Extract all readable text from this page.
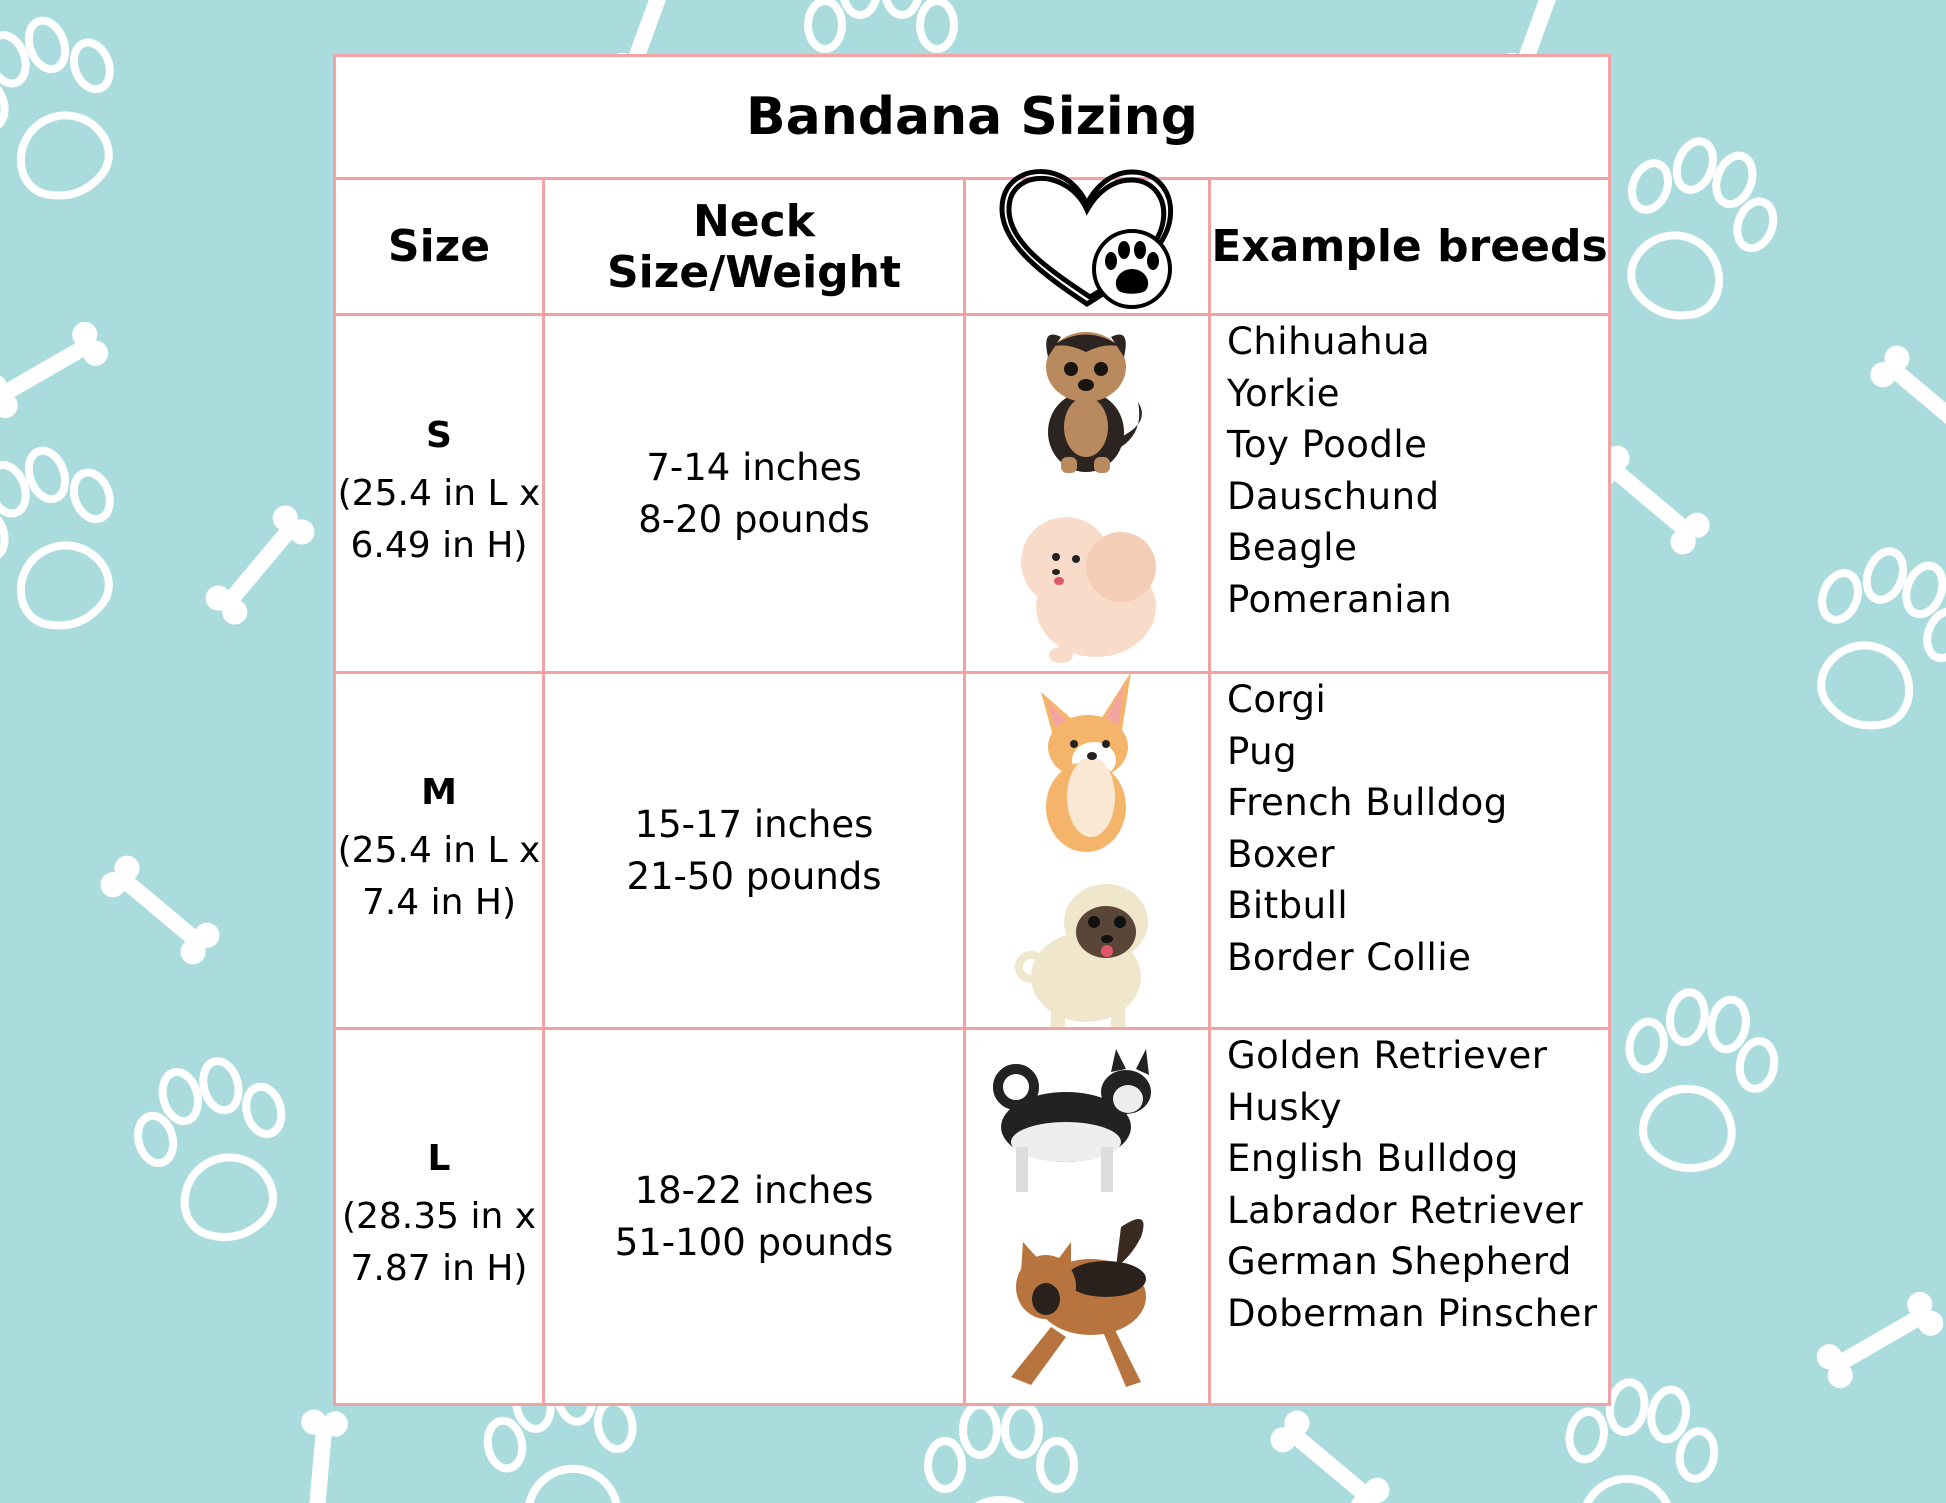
Bandana Sizing
Size	Neck Size/Weight	Example breeds
S
(25.4 in L x
6.49 in H)
7-14 inches
8-20 pounds
Chihuahua
Yorkie
Toy Poodle
Dauschund
Beagle
Pomeranian
M
(25.4 in L x
7.4 in H)
15-17 inches
21-50 pounds
Corgi
Pug
French Bulldog
Boxer
Bitbull
Border Collie
L
(28.35 in x
7.87 in H)
18-22 inches
51-100 pounds
Golden Retriever
Husky
English Bulldog
Labrador Retriever
German Shepherd
Doberman Pinscher
